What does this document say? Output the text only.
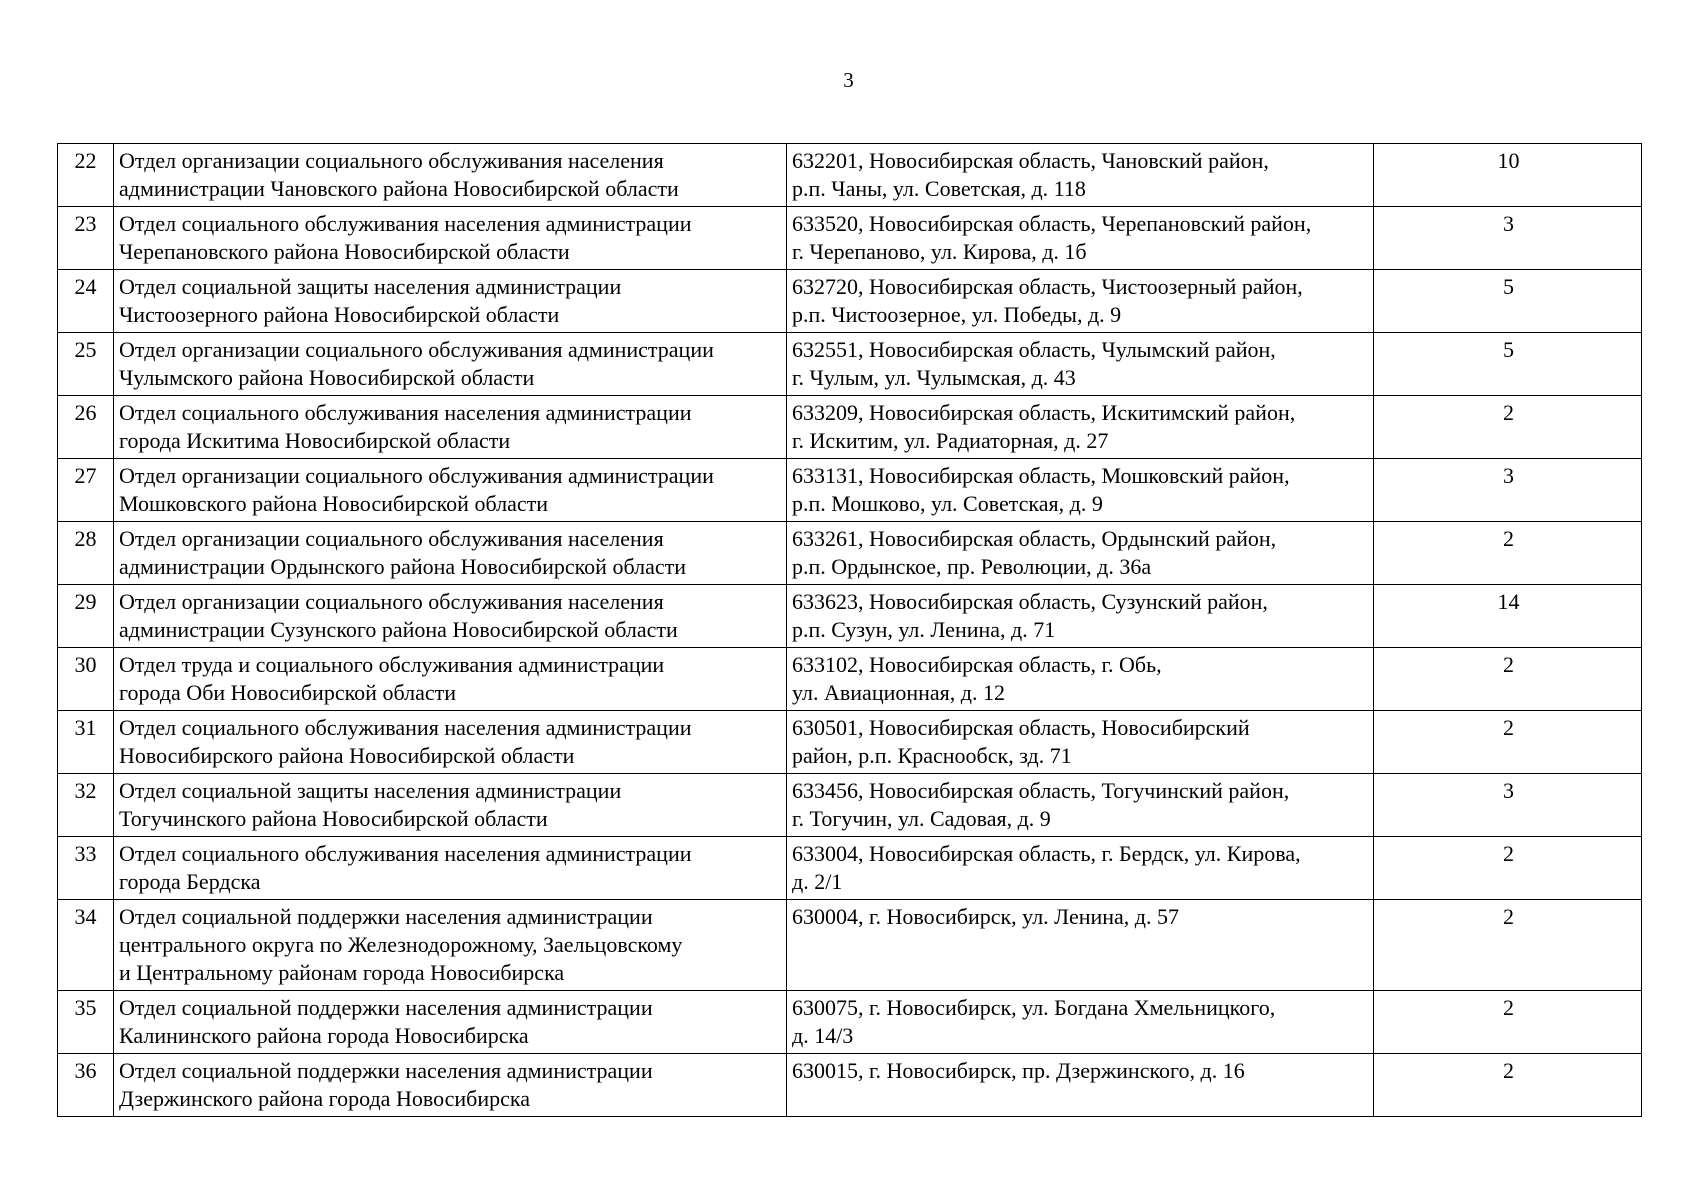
3
22	Отдел организации социального обслуживания населения
администрации Чановского района Новосибирской области	632201, Новосибирская область, Чановский район,
р.п. Чаны, ул. Советская, д. 118	10
23	Отдел социального обслуживания населения администрации
Черепановского района Новосибирской области	633520, Новосибирская область, Черепановский район,
г. Черепаново, ул. Кирова, д. 1б	3
24	Отдел социальной защиты населения администрации
Чистоозерного района Новосибирской области	632720, Новосибирская область, Чистоозерный район,
р.п. Чистоозерное, ул. Победы, д. 9	5
25	Отдел организации социального обслуживания администрации
Чулымского района Новосибирской области	632551, Новосибирская область, Чулымский район,
г. Чулым, ул. Чулымская, д. 43	5
26	Отдел социального обслуживания населения администрации
города Искитима Новосибирской области	633209, Новосибирская область, Искитимский район,
г. Искитим, ул. Радиаторная, д. 27	2
27	Отдел организации социального обслуживания администрации
Мошковского района Новосибирской области	633131, Новосибирская область, Мошковский район,
р.п. Мошково, ул. Советская, д. 9	3
28	Отдел организации социального обслуживания населения
администрации Ордынского района Новосибирской области	633261, Новосибирская область, Ордынский район,
р.п. Ордынское, пр. Революции, д. 36а	2
29	Отдел организации социального обслуживания населения
администрации Сузунского района Новосибирской области	633623, Новосибирская область, Сузунский район,
р.п. Сузун, ул. Ленина, д. 71	14
30	Отдел труда и социального обслуживания администрации
города Оби Новосибирской области	633102, Новосибирская область, г. Обь,
ул. Авиационная, д. 12	2
31	Отдел социального обслуживания населения администрации
Новосибирского района Новосибирской области	630501, Новосибирская область, Новосибирский
район, р.п. Краснообск, зд. 71	2
32	Отдел социальной защиты населения администрации
Тогучинского района Новосибирской области	633456, Новосибирская область, Тогучинский район,
г. Тогучин, ул. Садовая, д. 9	3
33	Отдел социального обслуживания населения администрации
города Бердска	633004, Новосибирская область, г. Бердск, ул. Кирова,
д. 2/1	2
34	Отдел социальной поддержки населения администрации
центрального округа по Железнодорожному, Заельцовскому
и Центральному районам города Новосибирска	630004, г. Новосибирск, ул. Ленина, д. 57	2
35	Отдел социальной поддержки населения администрации
Калининского района города Новосибирска	630075, г. Новосибирск, ул. Богдана Хмельницкого,
д. 14/3	2
36	Отдел социальной поддержки населения администрации
Дзержинского района города Новосибирска	630015, г. Новосибирск, пр. Дзержинского, д. 16	2
